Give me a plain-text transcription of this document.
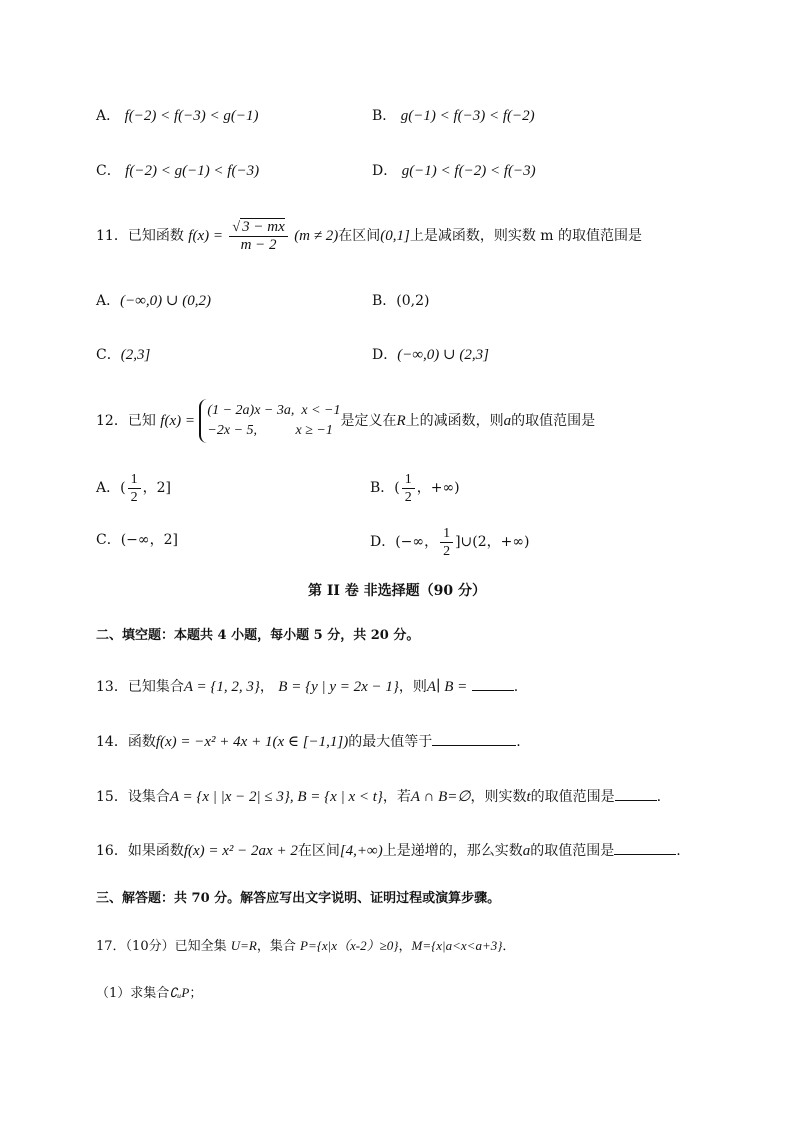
A． f(−2) < f(−3) < g(−1)	B． g(−1) < f(−3) < f(−2)
C． f(−2) < g(−1) < f(−3)	D． g(−1) < f(−2) < f(−3)
11．已知函数 $f(x) = \frac{√ 3 - mx}{m - 2} (m \ne 2)$在区间(0,1]上是减函数，则实数 m 的取值范围是
A．(−∞,0) ∪ (0,2)	B．(0,2)
C．(2,3]	D．(−∞,0) ∪ (2,3]
12．已知 f(x) = (1 − 2a)x − 3a, x < −1
−2x − 5,	x ≥ −1是定义在R上的减函数，则a的取值范围是
A．( $\frac{1}{2}$ ，2]	B．( $\frac{1}{2}$ ，+∞)
C．(−∞，2]	D．(−∞， $\frac{1}{2}$ ]∪(2，+∞)
第 II 卷 非选择题（90 分）
二、填空题：本题共 4 小题，每小题 5 分，共 20 分。
13．已知集合A = {1, 2, 3}， B = {y | y = 2x − 1}，则A∣ B =	.
14．函数f(x) = −x² + 4x + 1(x ∈ [−1,1])的最大值等于	.
15．设集合A = {x | |x − 2| ≤ 3}, B = {x | x < t}，若A ∩ B=∅，则实数t的取值范围是	.
16．如果函数f(x) = x² − 2ax + 2在区间[4,+∞)上是递增的，那么实数a的取值范围是	.
三、解答题：共 70 分。解答应写出文字说明、证明过程或演算步骤。
17．（10分）已知全集 U=R，集合 P={x|x（x-2）≥0}，M={x|a<x<a+3}．
（1）求集合∁ᵤP；
